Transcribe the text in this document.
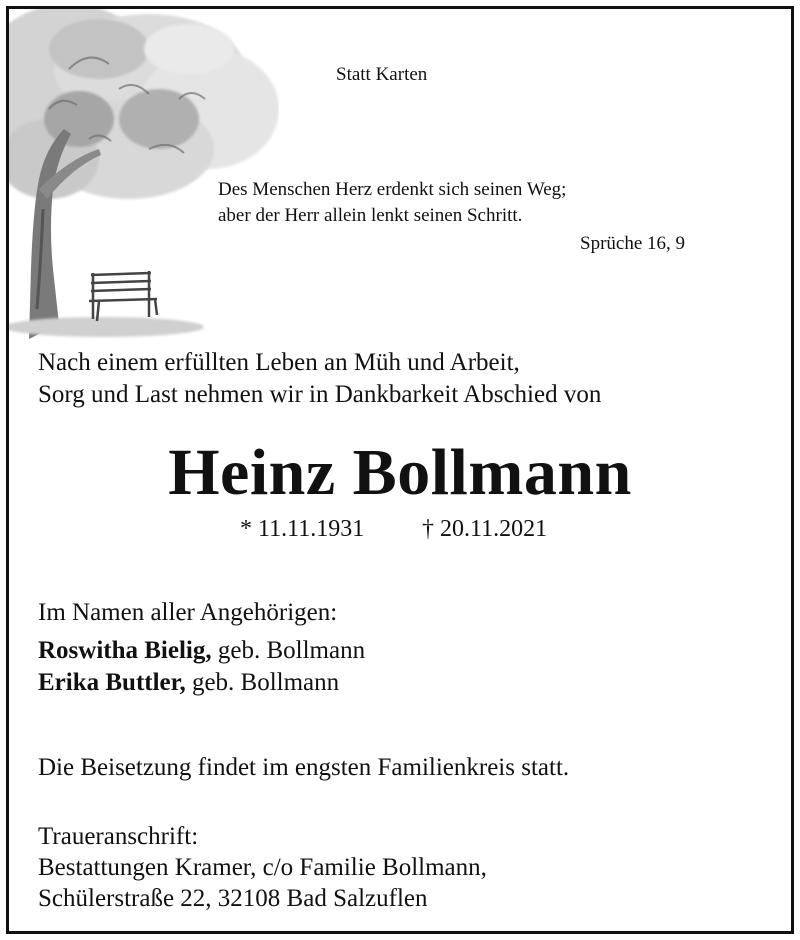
Statt Karten
Des Menschen Herz erdenkt sich seinen Weg;
aber der Herr allein lenkt seinen Schritt.
Sprüche 16, 9
Nach einem erfüllten Leben an Müh und Arbeit,
Sorg und Last nehmen wir in Dankbarkeit Abschied von
Heinz Bollmann
* 11.11.1931 † 20.11.2021
Im Namen aller Angehörigen:
Roswitha Bielig, geb. Bollmann
Erika Buttler, geb. Bollmann
Die Beisetzung findet im engsten Familienkreis statt.
Traueranschrift:
Bestattungen Kramer, c/o Familie Bollmann,
Schülerstraße 22, 32108 Bad Salzuflen
